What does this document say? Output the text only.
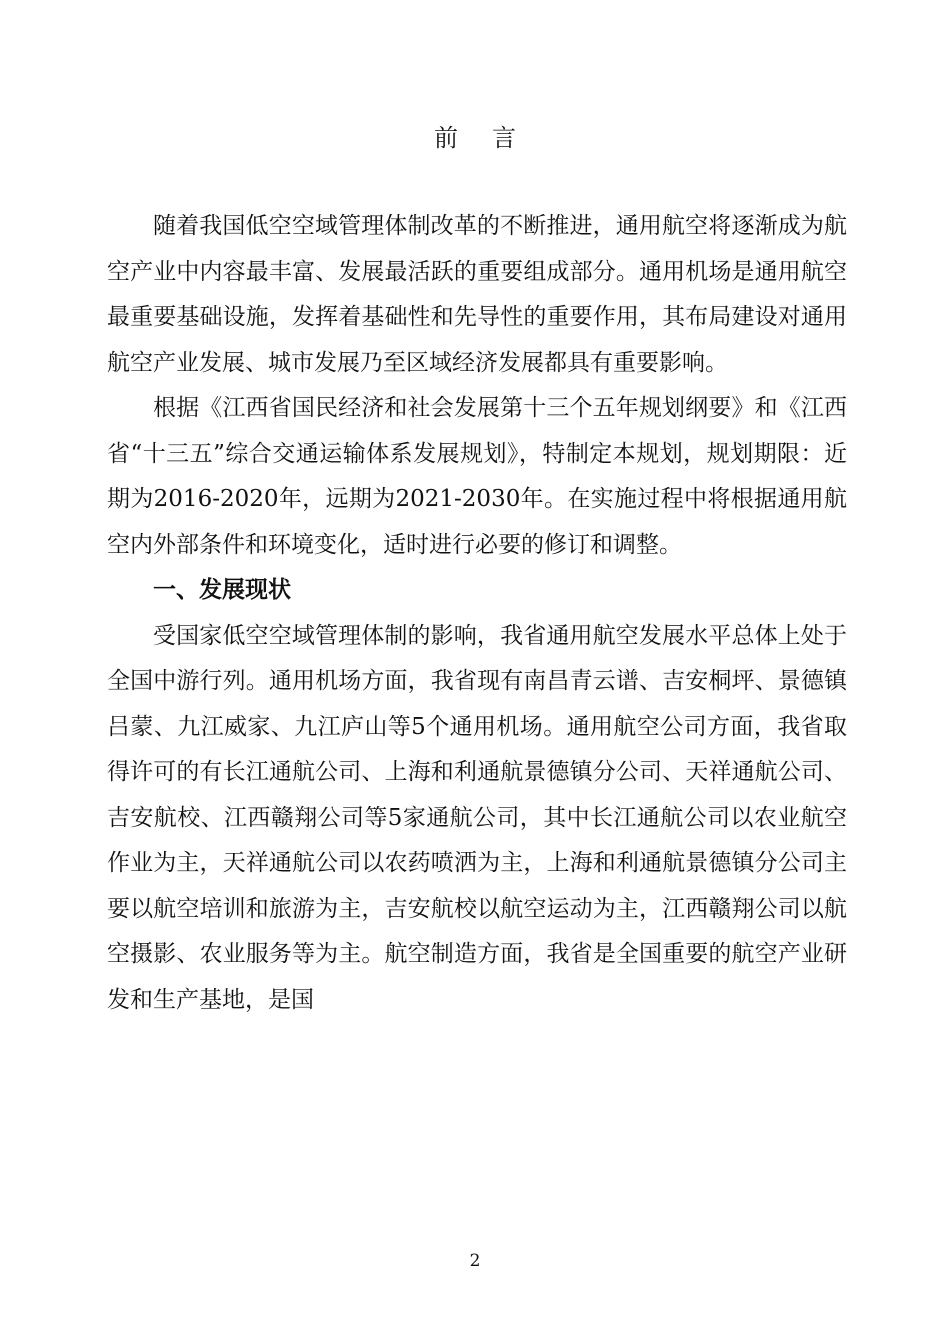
前言

随着我国低空空域管理体制改革的不断推进，通用航空将逐渐成为航空产业中内容最丰富、发展最活跃的重要组成部分。通用机场是通用航空最重要基础设施，发挥着基础性和先导性的重要作用，其布局建设对通用航空产业发展、城市发展乃至区域经济发展都具有重要影响。

根据《江西省国民经济和社会发展第十三个五年规划纲要》和《江西省“十三五”综合交通运输体系发展规划》，特制定本规划，规划期限：近期为2016-2020年，远期为2021-2030年。在实施过程中将根据通用航空内外部条件和环境变化，适时进行必要的修订和调整。

一、发展现状

受国家低空空域管理体制的影响，我省通用航空发展水平总体上处于全国中游行列。通用机场方面，我省现有南昌青云谱、吉安桐坪、景德镇吕蒙、九江威家、九江庐山等5个通用机场。通用航空公司方面，我省取得许可的有长江通航公司、上海和利通航景德镇分公司、天祥通航公司、吉安航校、江西赣翔公司等5家通航公司，其中长江通航公司以农业航空作业为主，天祥通航公司以农药喷洒为主，上海和利通航景德镇分公司主要以航空培训和旅游为主，吉安航校以航空运动为主，江西赣翔公司以航空摄影、农业服务等为主。航空制造方面，我省是全国重要的航空产业研发和生产基地，是国

2
